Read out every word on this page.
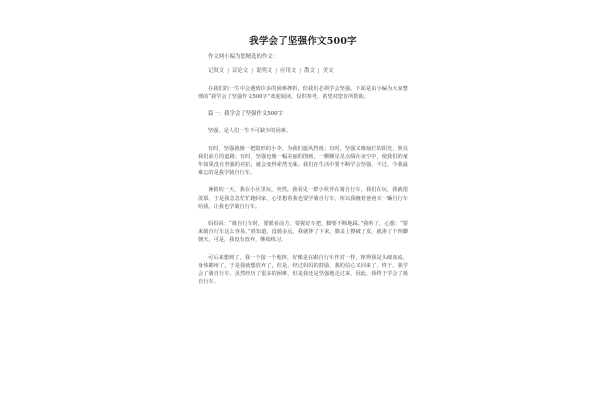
我学会了坚强作文500字
作文网小编为您精选的作文：
记叙文 | 议论文 | 说明文 | 应用文 | 散文 | 美文

在我们的一生中会遇到许多的困难挫折，但我们必须学会坚强。下面是由小编为大家整理的“我学会了坚强作文500字”欢迎阅读，仅供参考，希望对您有所帮助。

篇一：我学会了坚强作文500字

坚强，是人们一生不可缺少的因素。

有时，坚强就像一把隐形的小伞，为我们遮风挡雨；有时，坚强又像灿烂的阳光，照亮我们前方的道路；有时，坚强也像一幅美丽的图画，一颗颗星星点缀在夜空中，使我们的童年如果没有坚强的对抗，就会变得索然无味。我们在生活中要不断学会坚强，不过，今我最难忘的是我学骑自行车。

暑假的一天，我在小区里玩，突然，我看见一群小伙伴在骑自行车，我们在玩，我就很羡慕，于是我急急忙忙跑回家，心里想着我也要学骑自行车，所以我缠着爸爸买一辆自行车给我，让我也学骑自行车。

妈妈说：“骑自行车时，要眼看前方，要握好车把，脚要不断地踩。”我听了，心想：“要来骑自行车这么容易。”谁知道，没骑多远，我就摔了下来，膝盖上擦破了皮，就渗了个四脚朝天，可是，我没有放弃，继续练习。

可后来想到了，我一个接一个地摔，好像是在跟自行车作对一样，摔得我是头破血流，身体都疼了，于是我就想放弃了，但是，经过妈妈的鼓励，我的信心又回来了，终于，我学会了骑自行车，虽然经历了很多的困难，但是我还是坚强地走过来，因此，我终于学会了骑自行车。
